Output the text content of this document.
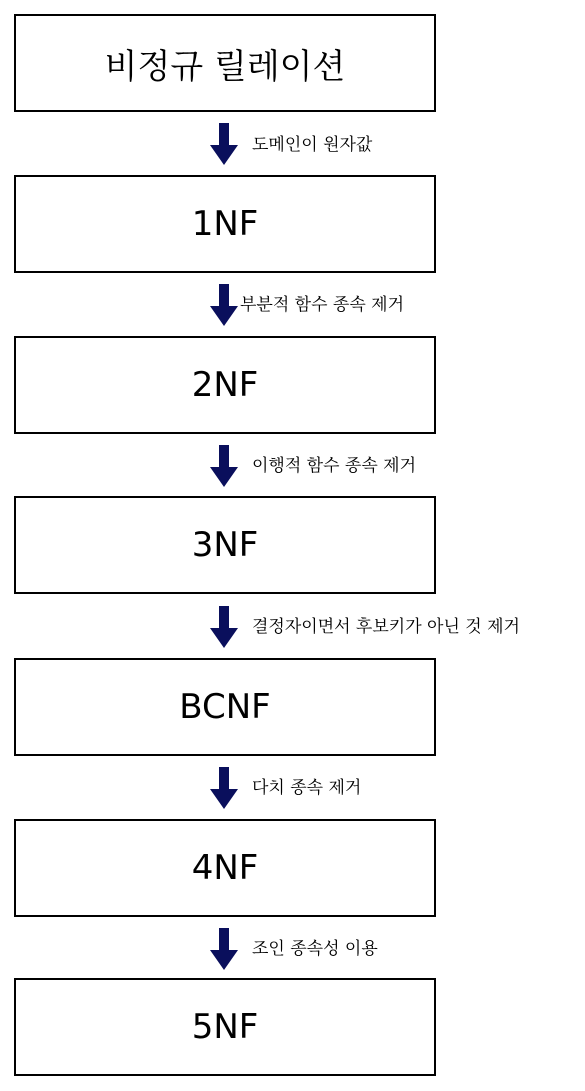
비정규 릴레이션
1NF
2NF
3NF
BCNF
4NF
5NF
도메인이 원자값
부분적 함수 종속 제거
이행적 함수 종속 제거
결정자이면서 후보키가 아닌 것 제거
다치 종속 제거
조인 종속성 이용
